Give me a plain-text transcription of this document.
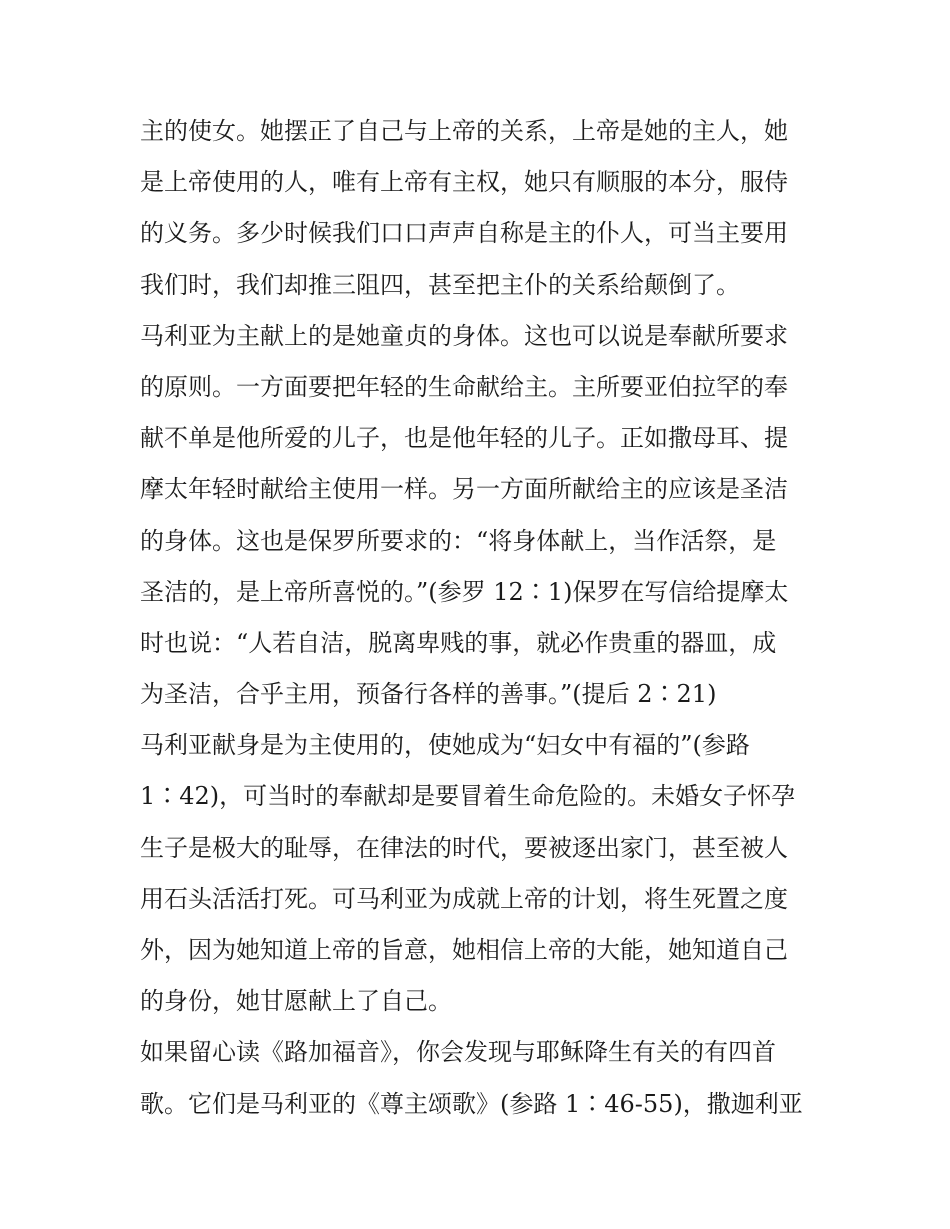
主的使女。她摆正了自己与上帝的关系，上帝是她的主人，她
是上帝使用的人，唯有上帝有主权，她只有顺服的本分，服侍
的义务。多少时候我们口口声声自称是主的仆人，可当主要用
我们时，我们却推三阻四，甚至把主仆的关系给颠倒了。
马利亚为主献上的是她童贞的身体。这也可以说是奉献所要求
的原则。一方面要把年轻的生命献给主。主所要亚伯拉罕的奉
献不单是他所爱的儿子，也是他年轻的儿子。正如撒母耳、提
摩太年轻时献给主使用一样。另一方面所献给主的应该是圣洁
的身体。这也是保罗所要求的：“将身体献上，当作活祭，是
圣洁的，是上帝所喜悦的。”(参罗 12∶1)保罗在写信给提摩太
时也说：“人若自洁，脱离卑贱的事，就必作贵重的器皿，成
为圣洁，合乎主用，预备行各样的善事。”(提后 2∶21)
马利亚献身是为主使用的，使她成为“妇女中有福的”(参路
1∶42)，可当时的奉献却是要冒着生命危险的。未婚女子怀孕
生子是极大的耻辱，在律法的时代，要被逐出家门，甚至被人
用石头活活打死。可马利亚为成就上帝的计划，将生死置之度
外，因为她知道上帝的旨意，她相信上帝的大能，她知道自己
的身份，她甘愿献上了自己。
如果留心读《路加福音》，你会发现与耶稣降生有关的有四首
歌。它们是马利亚的《尊主颂歌》(参路 1∶46-55)，撒迦利亚
